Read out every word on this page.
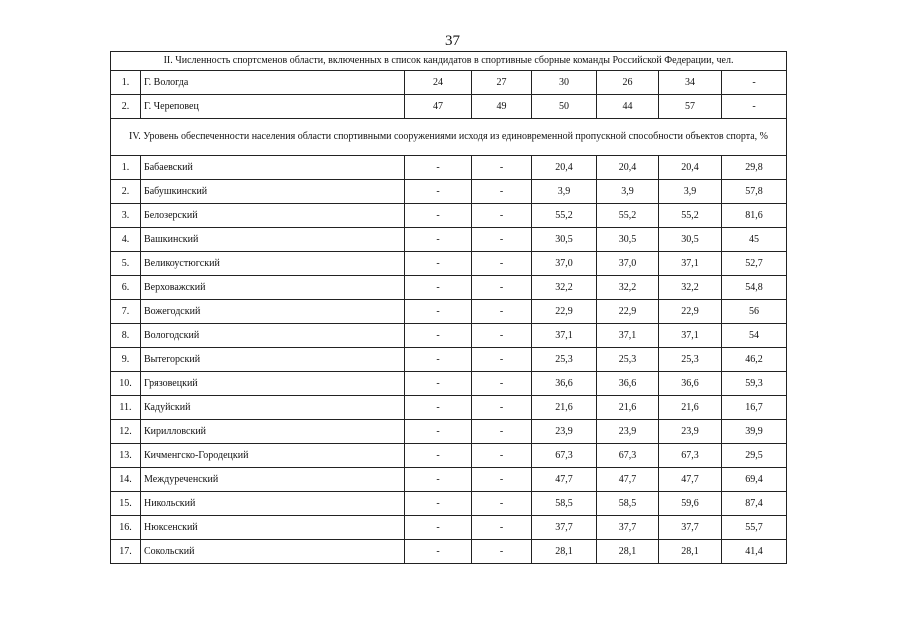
37
II. Численность спортсменов области, включенных в список кандидатов в спортивные сборные команды Российской Федерации, чел.							
1.	Г. Вологда	24	27	30	26	34	-
2.	Г. Череповец	47	49	50	44	57	-
IV. Уровень обеспеченности населения области спортивными сооружениями исходя из единовременной пропускной способности объектов спорта, %							
1.	Бабаевский	-	-	20,4	20,4	20,4	29,8
2.	Бабушкинский	-	-	3,9	3,9	3,9	57,8
3.	Белозерский	-	-	55,2	55,2	55,2	81,6
4.	Вашкинский	-	-	30,5	30,5	30,5	45
5.	Великоустюгский	-	-	37,0	37,0	37,1	52,7
6.	Верховажский	-	-	32,2	32,2	32,2	54,8
7.	Вожегодский	-	-	22,9	22,9	22,9	56
8.	Вологодский	-	-	37,1	37,1	37,1	54
9.	Вытегорский	-	-	25,3	25,3	25,3	46,2
10.	Грязовецкий	-	-	36,6	36,6	36,6	59,3
11.	Кадуйский	-	-	21,6	21,6	21,6	16,7
12.	Кирилловский	-	-	23,9	23,9	23,9	39,9
13.	Кичменгско-Городецкий	-	-	67,3	67,3	67,3	29,5
14.	Междуреченский	-	-	47,7	47,7	47,7	69,4
15.	Никольский	-	-	58,5	58,5	59,6	87,4
16.	Нюксенский	-	-	37,7	37,7	37,7	55,7
17.	Сокольский	-	-	28,1	28,1	28,1	41,4
